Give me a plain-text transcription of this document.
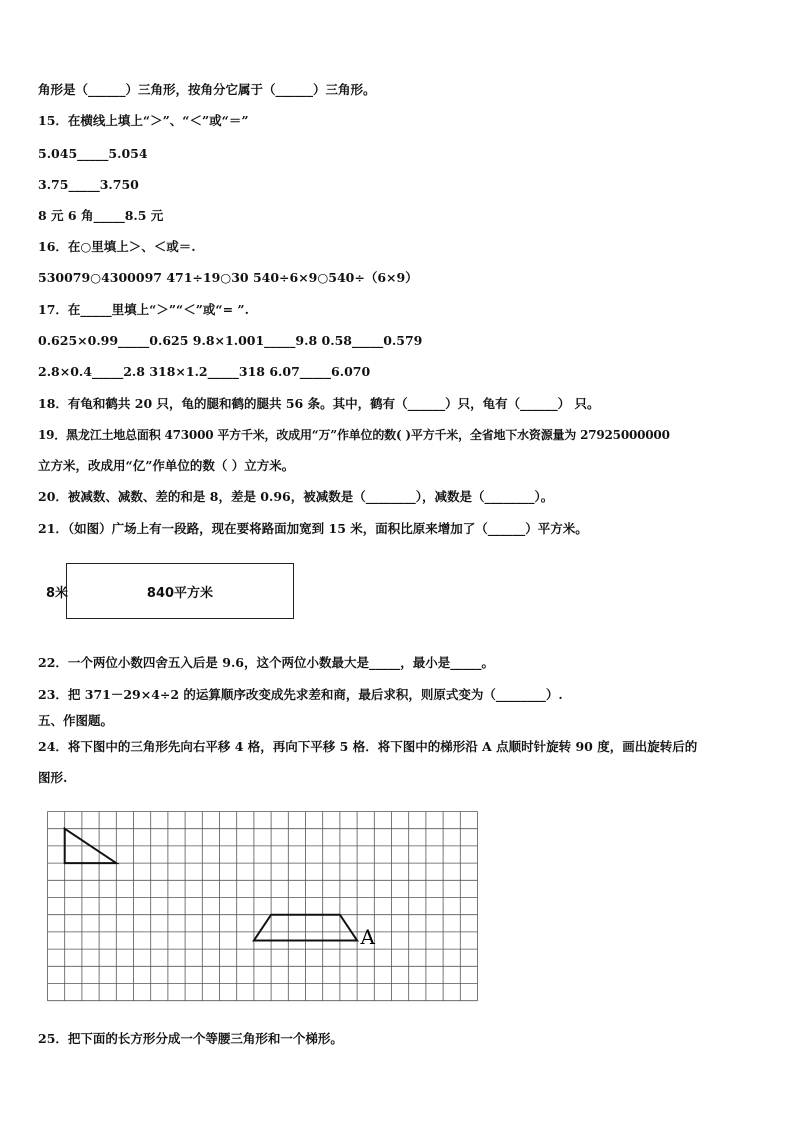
角形是（______）三角形，按角分它属于（______）三角形。
15．在横线上填上“＞”、“＜”或“＝”
5.045_____5.054
3.75_____3.750
8 元 6 角_____8.5 元
16．在○里填上＞、＜或＝.
530079○4300097 471÷19○30 540÷6×9○540÷（6×9）
17．在_____里填上“＞”“＜”或“= ”.
0.625×0.99_____0.625 9.8×1.001_____9.8 0.58_____0.579
2.8×0.4_____2.8 318×1.2_____318 6.07_____6.070
18．有龟和鹤共 20 只，龟的腿和鹤的腿共 56 条。其中，鹤有（______）只，龟有（______） 只。
19．黑龙江土地总面积 473000 平方千米，改成用“万”作单位的数( )平方千米，全省地下水资源量为 27925000000
立方米，改成用“亿”作单位的数（ ）立方米。
20．被减数、减数、差的和是 8，差是 0.96，被减数是（________），减数是（________）。
21．（如图）广场上有一段路，现在要将路面加宽到 15 米，面积比原来增加了（______）平方米。
8米	840平方米
22．一个两位小数四舍五入后是 9.6，这个两位小数最大是_____，最小是_____。
23．把 371－29×4÷2 的运算顺序改变成先求差和商，最后求积，则原式变为（________）.
五、作图题。
24．将下图中的三角形先向右平移 4 格，再向下平移 5 格．将下图中的梯形沿 A 点顺时针旋转 90 度，画出旋转后的
图形.
A
25．把下面的长方形分成一个等腰三角形和一个梯形。
